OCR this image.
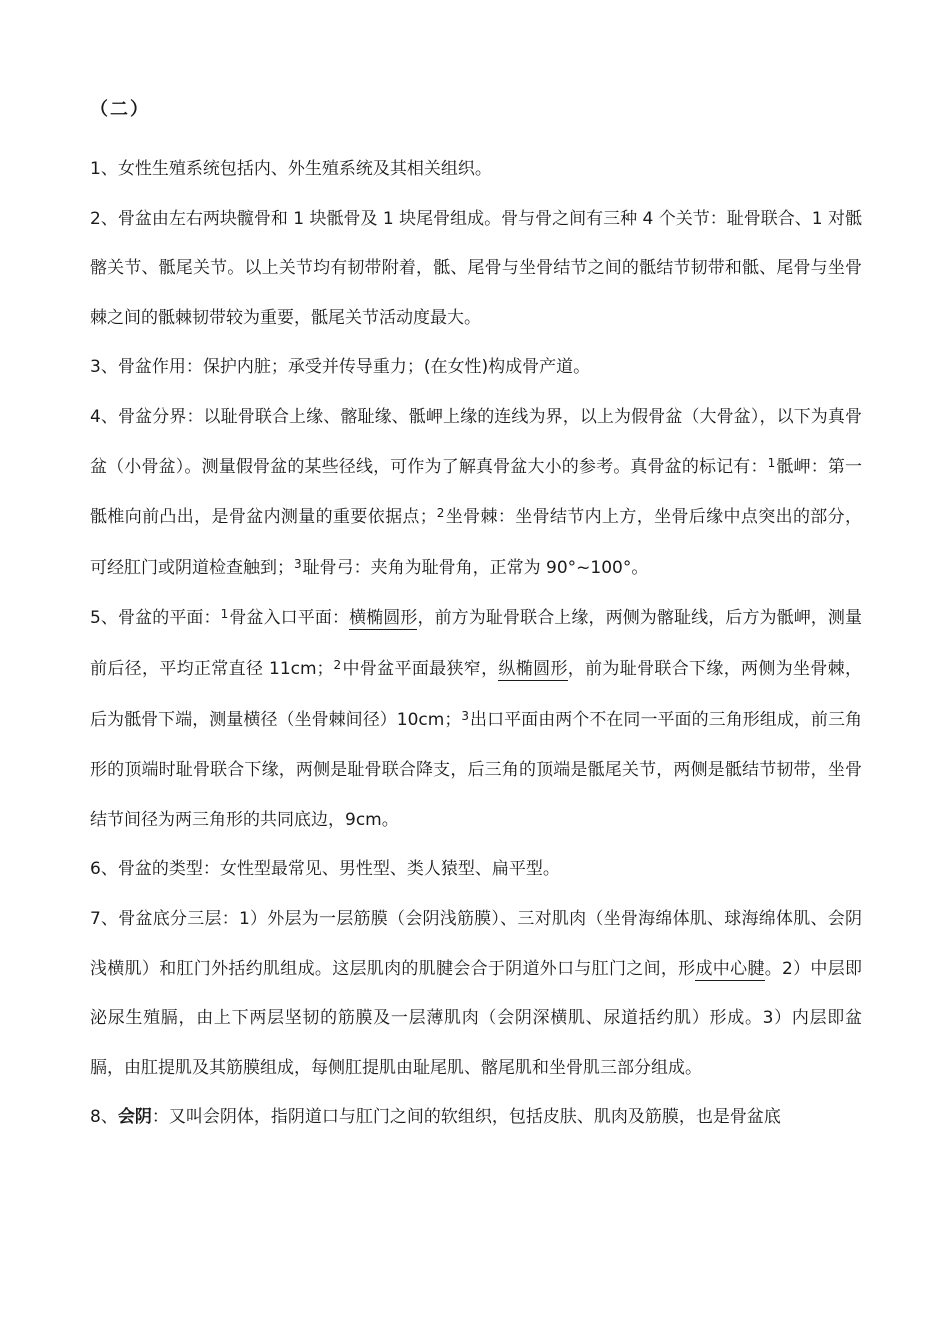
（二）

1、女性生殖系统包括内、外生殖系统及其相关组织。

2、骨盆由左右两块髋骨和 1 块骶骨及 1 块尾骨组成。骨与骨之间有三种 4 个关节：耻骨联合、1 对骶髂关节、骶尾关节。以上关节均有韧带附着，骶、尾骨与坐骨结节之间的骶结节韧带和骶、尾骨与坐骨棘之间的骶棘韧带较为重要，骶尾关节活动度最大。

3、骨盆作用：保护内脏；承受并传导重力；(在女性)构成骨产道。

4、骨盆分界：以耻骨联合上缘、髂耻缘、骶岬上缘的连线为界，以上为假骨盆（大骨盆），以下为真骨盆（小骨盆）。测量假骨盆的某些径线，可作为了解真骨盆大小的参考。真骨盆的标记有：$^1$骶岬：第一骶椎向前凸出，是骨盆内测量的重要依据点；$^2$坐骨棘：坐骨结节内上方，坐骨后缘中点突出的部分，可经肛门或阴道检查触到；$^3$耻骨弓：夹角为耻骨角，正常为 90°~100°。

5、骨盆的平面：$^1$骨盆入口平面：横椭圆形，前方为耻骨联合上缘，两侧为髂耻线，后方为骶岬，测量前后径，平均正常直径 11cm；$^2$中骨盆平面最狭窄，纵椭圆形，前为耻骨联合下缘，两侧为坐骨棘，后为骶骨下端，测量横径（坐骨棘间径）10cm；$^3$出口平面由两个不在同一平面的三角形组成，前三角形的顶端时耻骨联合下缘，两侧是耻骨联合降支，后三角的顶端是骶尾关节，两侧是骶结节韧带，坐骨结节间径为两三角形的共同底边，9cm。

6、骨盆的类型：女性型最常见、男性型、类人猿型、扁平型。

7、骨盆底分三层：1）外层为一层筋膜（会阴浅筋膜）、三对肌肉（坐骨海绵体肌、球海绵体肌、会阴浅横肌）和肛门外括约肌组成。这层肌肉的肌腱会合于阴道外口与肛门之间，形成中心腱。2）中层即泌尿生殖膈，由上下两层坚韧的筋膜及一层薄肌肉（会阴深横肌、尿道括约肌）形成。3）内层即盆膈，由肛提肌及其筋膜组成，每侧肛提肌由耻尾肌、髂尾肌和坐骨肌三部分组成。

8、会阴：又叫会阴体，指阴道口与肛门之间的软组织，包括皮肤、肌肉及筋膜，也是骨盆底
